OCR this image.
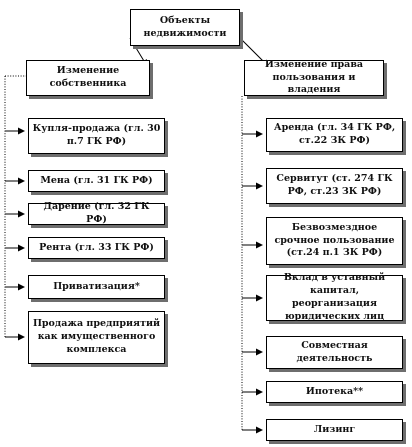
Объекты недвижимости
Изменение собственника
Изменение права пользования и владения
Купля-продажа (гл. 30 п.7 ГК РФ)
Мена (гл. 31 ГК РФ)
Дарение (гл. 32 ГК РФ)
Рента (гл. 33 ГК РФ)
Приватизация*
Продажа предприятий как имущественного комплекса
Аренда (гл. 34 ГК РФ, ст.22 ЗК РФ)
Сервитут (ст. 274 ГК РФ, ст.23 ЗК РФ)
Безвозмездное срочное пользование (ст.24 п.1 ЗК РФ)
Вклад в уставный капитал, реорганизация юридических лиц
Совместная деятельность
Ипотека**
Лизинг
